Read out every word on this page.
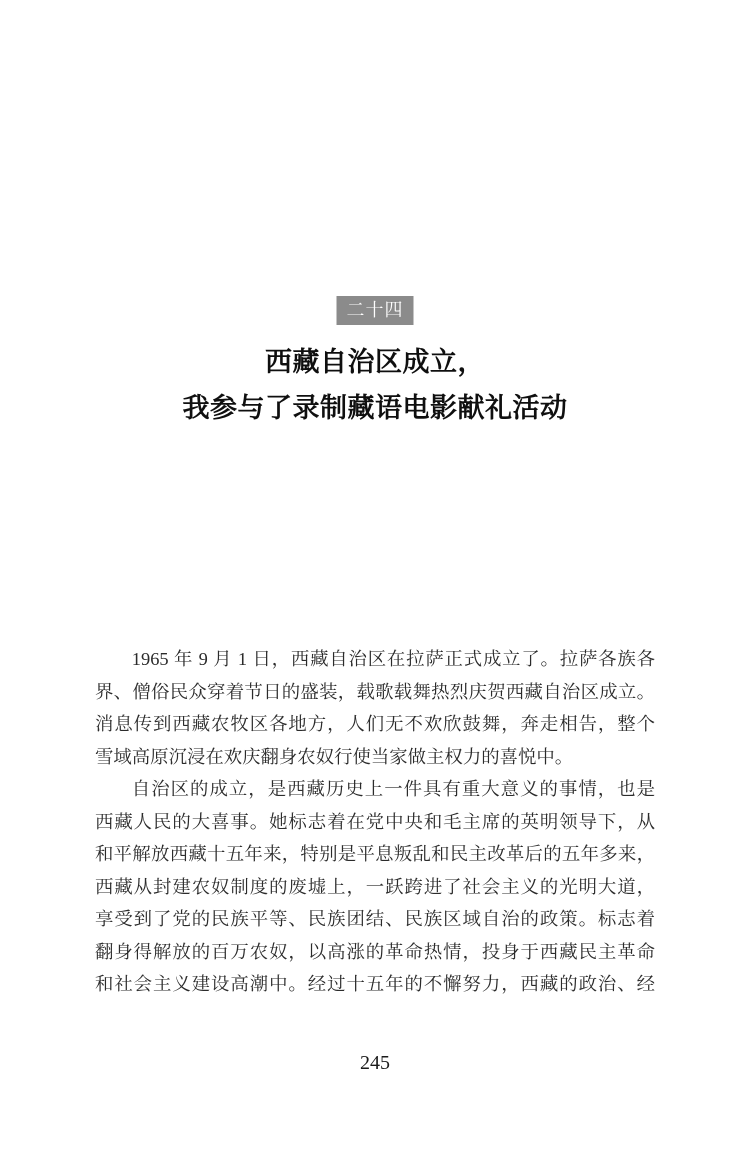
二十四
西藏自治区成立，
我参与了录制藏语电影献礼活动

1965 年 9 月 1 日，西藏自治区在拉萨正式成立了。拉萨各族各

界、僧俗民众穿着节日的盛装，载歌载舞热烈庆贺西藏自治区成立。

消息传到西藏农牧区各地方，人们无不欢欣鼓舞，奔走相告，整个

雪域高原沉浸在欢庆翻身农奴行使当家做主权力的喜悦中。

自治区的成立，是西藏历史上一件具有重大意义的事情，也是

西藏人民的大喜事。她标志着在党中央和毛主席的英明领导下，从

和平解放西藏十五年来，特别是平息叛乱和民主改革后的五年多来，

西藏从封建农奴制度的废墟上，一跃跨进了社会主义的光明大道，

享受到了党的民族平等、民族团结、民族区域自治的政策。标志着

翻身得解放的百万农奴，以高涨的革命热情，投身于西藏民主革命

和社会主义建设高潮中。经过十五年的不懈努力，西藏的政治、经

245
